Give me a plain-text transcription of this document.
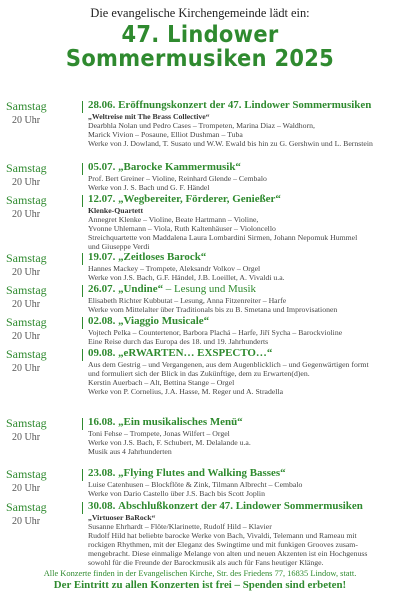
Die evangelische Kirchengemeinde lädt ein:
47. Lindower
Sommermusiken 2025
Samstag
20 Uhr
28.06. Eröffnungskonzert der 47. Lindower Sommermusiken
„Weltreise mit The Brass Collective“
Dearbhla Nolan und Pedro Cases – Trompeten, Marina Diaz – Waldhorn,
Marick Vivion – Posaune, Elliot Dushman – Tuba
Werke von J. Dowland, T. Susato und W.W. Ewald bis hin zu G. Gershwin und L. Bernstein
Samstag
20 Uhr
05.07. „Barocke Kammermusik“
Prof. Bert Greiner – Violine, Reinhard Glende – Cembalo
Werke von J. S. Bach und G. F. Händel
Samstag
20 Uhr
12.07. „Wegbereiter, Förderer, Genießer“
Klenke-Quartett
Annegret Klenke – Violine, Beate Hartmann – Violine,
Yvonne Uhlemann – Viola, Ruth Kaltenhäuser – Violoncello
Streichquartette von Maddalena Laura Lombardini Sirmen, Johann Nepomuk Hummel
und Giuseppe Verdi
Samstag
20 Uhr
19.07. „Zeitloses Barock“
Hannes Mackey – Trompete, Aleksandr Volkov – Orgel
Werke von J.S. Bach, G.F. Händel, J.B. Loeillet, A. Vivaldi u.a.
Samstag
20 Uhr
26.07. „Undine“ – Lesung und Musik
Elisabeth Richter Kubbutat – Lesung, Anna Fitzenreiter – Harfe
Werke vom Mittelalter über Traditionals bis zu B. Smetana und Improvisationen
Samstag
20 Uhr
02.08. „Viaggio Musicale“
Vojtech Pelka – Countertenor, Barbora Plachá – Harfe, Jiří Sycha – Barockvioline
Eine Reise durch das Europa des 18. und 19. Jahrhunderts
Samstag
20 Uhr
09.08. „eRWARTEN… EXSPECTO…“
Aus dem Gestrig – und Vergangenen, aus dem Augenblicklich – und Gegenwärtigen formt
und formuliert sich der Blick in das Zukünftige, dem zu Erwarten(d)en.
Kerstin Auerbach – Alt, Bettina Stange – Orgel
Werke von P. Cornelius, J.A. Hasse, M. Reger und A. Stradella
Samstag
20 Uhr
16.08. „Ein musikalisches Menü“
Toni Fehse – Trompete, Jonas Wilfert – Orgel
Werke von J.S. Bach, F. Schubert, M. Delalande u.a.
Musik aus 4 Jahrhunderten
Samstag
20 Uhr
23.08. „Flying Flutes and Walking Basses“
Luise Catenhusen – Blockflöte & Zink, Tilmann Albrecht – Cembalo
Werke von Dario Castello über J.S. Bach bis Scott Joplin
Samstag
20 Uhr
30.08. Abschlußkonzert der 47. Lindower Sommermusiken
„Virtuoser BaRock“
Susanne Ehrhardt – Flöte/Klarinette, Rudolf Hild – Klavier
Rudolf Hild hat beliebte barocke Werke von Bach, Vivaldi, Telemann und Rameau mit
rockigen Rhythmen, mit der Eleganz des Swingtime und mit funkigen Grooves zusam-
mengebracht. Diese einmalige Melange von alten und neuen Akzenten ist ein Hochgenuss
sowohl für die Freunde der Barockmusik als auch für Fans heutiger Klänge.
Alle Konzerte finden in der Evangelischen Kirche, Str. des Friedens 77, 16835 Lindow, statt.
Der Eintritt zu allen Konzerten ist frei – Spenden sind erbeten!
